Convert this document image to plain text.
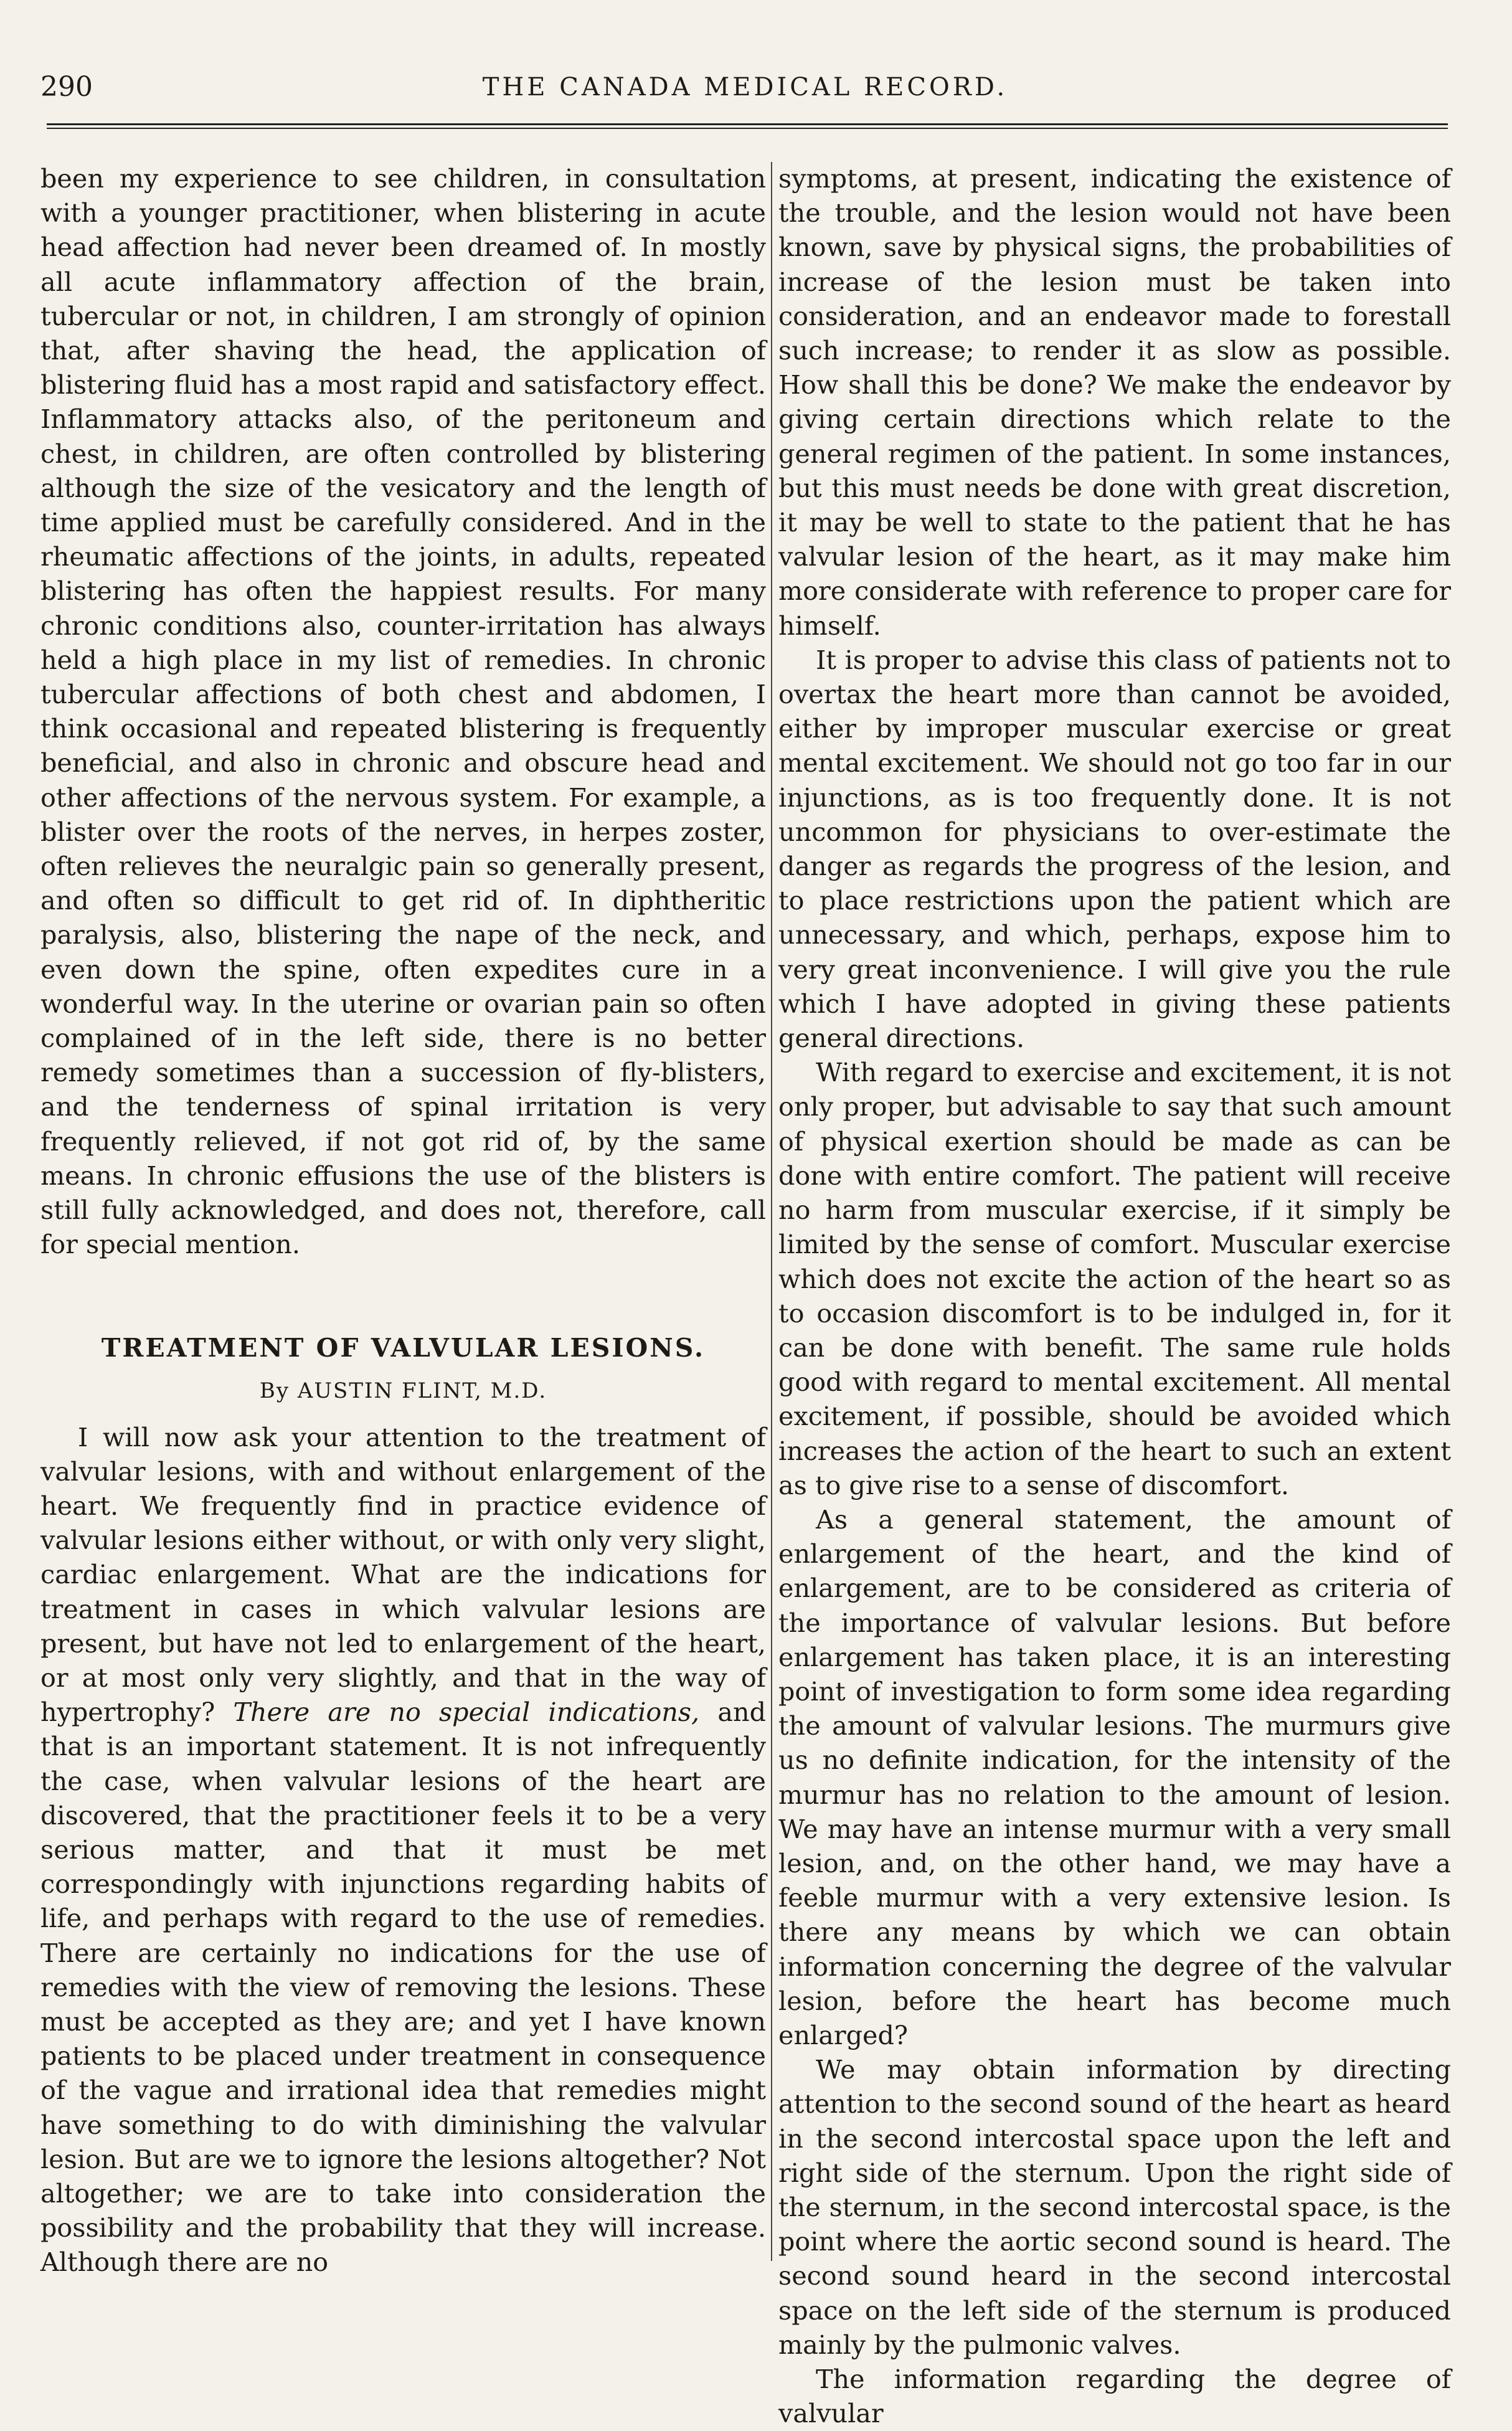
290	THE CANADA MEDICAL RECORD.

been my experience to see children, in consultation with a younger practitioner, when blistering in acute head affection had never been dreamed of. In mostly all acute inflammatory affection of the brain, tubercular or not, in children, I am strongly of opinion that, after shaving the head, the application of blistering fluid has a most rapid and satisfactory effect. Inflammatory attacks also, of the peritoneum and chest, in children, are often controlled by blistering although the size of the vesicatory and the length of time applied must be carefully considered. And in the rheumatic affections of the joints, in adults, repeated blistering has often the happiest results. For many chronic conditions also, counter-irritation has always held a high place in my list of remedies. In chronic tubercular affections of both chest and abdomen, I think occasional and repeated blistering is frequently beneficial, and also in chronic and obscure head and other affections of the nervous system. For example, a blister over the roots of the nerves, in herpes zoster, often relieves the neuralgic pain so generally present, and often so difficult to get rid of. In diphtheritic paralysis, also, blistering the nape of the neck, and even down the spine, often expedites cure in a wonderful way. In the uterine or ovarian pain so often complained of in the left side, there is no better remedy sometimes than a succession of fly-blisters, and the tenderness of spinal irritation is very frequently relieved, if not got rid of, by the same means. In chronic effusions the use of the blisters is still fully acknowledged, and does not, therefore, call for special mention.

TREATMENT OF VALVULAR LESIONS.
By AUSTIN FLINT, M.D.

I will now ask your attention to the treatment of valvular lesions, with and without enlargement of the heart. We frequently find in practice evidence of valvular lesions either without, or with only very slight, cardiac enlargement. What are the indications for treatment in cases in which valvular lesions are present, but have not led to enlargement of the heart, or at most only very slightly, and that in the way of hypertrophy? There are no special indications, and that is an important statement. It is not infrequently the case, when valvular lesions of the heart are discovered, that the practitioner feels it to be a very serious matter, and that it must be met correspondingly with injunctions regarding habits of life, and perhaps with regard to the use of remedies. There are certainly no indications for the use of remedies with the view of removing the lesions. These must be accepted as they are; and yet I have known patients to be placed under treatment in consequence of the vague and irrational idea that remedies might have something to do with diminishing the valvular lesion. But are we to ignore the lesions altogether? Not altogether; we are to take into consideration the possibility and the probability that they will increase. Although there are no

symptoms, at present, indicating the existence of the trouble, and the lesion would not have been known, save by physical signs, the probabilities of increase of the lesion must be taken into consideration, and an endeavor made to forestall such increase; to render it as slow as possible. How shall this be done? We make the endeavor by giving certain directions which relate to the general regimen of the patient. In some instances, but this must needs be done with great discretion, it may be well to state to the patient that he has valvular lesion of the heart, as it may make him more considerate with reference to proper care for himself.

It is proper to advise this class of patients not to overtax the heart more than cannot be avoided, either by improper muscular exercise or great mental excitement. We should not go too far in our injunctions, as is too frequently done. It is not uncommon for physicians to over-estimate the danger as regards the progress of the lesion, and to place restrictions upon the patient which are unnecessary, and which, perhaps, expose him to very great inconvenience. I will give you the rule which I have adopted in giving these patients general directions.

With regard to exercise and excitement, it is not only proper, but advisable to say that such amount of physical exertion should be made as can be done with entire comfort. The patient will receive no harm from muscular exercise, if it simply be limited by the sense of comfort. Muscular exercise which does not excite the action of the heart so as to occasion discomfort is to be indulged in, for it can be done with benefit. The same rule holds good with regard to mental excitement. All mental excitement, if possible, should be avoided which increases the action of the heart to such an extent as to give rise to a sense of discomfort.

As a general statement, the amount of enlargement of the heart, and the kind of enlargement, are to be considered as criteria of the importance of valvular lesions. But before enlargement has taken place, it is an interesting point of investigation to form some idea regarding the amount of valvular lesions. The murmurs give us no definite indication, for the intensity of the murmur has no relation to the amount of lesion. We may have an intense murmur with a very small lesion, and, on the other hand, we may have a feeble murmur with a very extensive lesion. Is there any means by which we can obtain information concerning the degree of the valvular lesion, before the heart has become much enlarged?

We may obtain information by directing attention to the second sound of the heart as heard in the second intercostal space upon the left and right side of the sternum. Upon the right side of the sternum, in the second intercostal space, is the point where the aortic second sound is heard. The second sound heard in the second intercostal space on the left side of the sternum is produced mainly by the pulmonic valves.

The information regarding the degree of valvular
